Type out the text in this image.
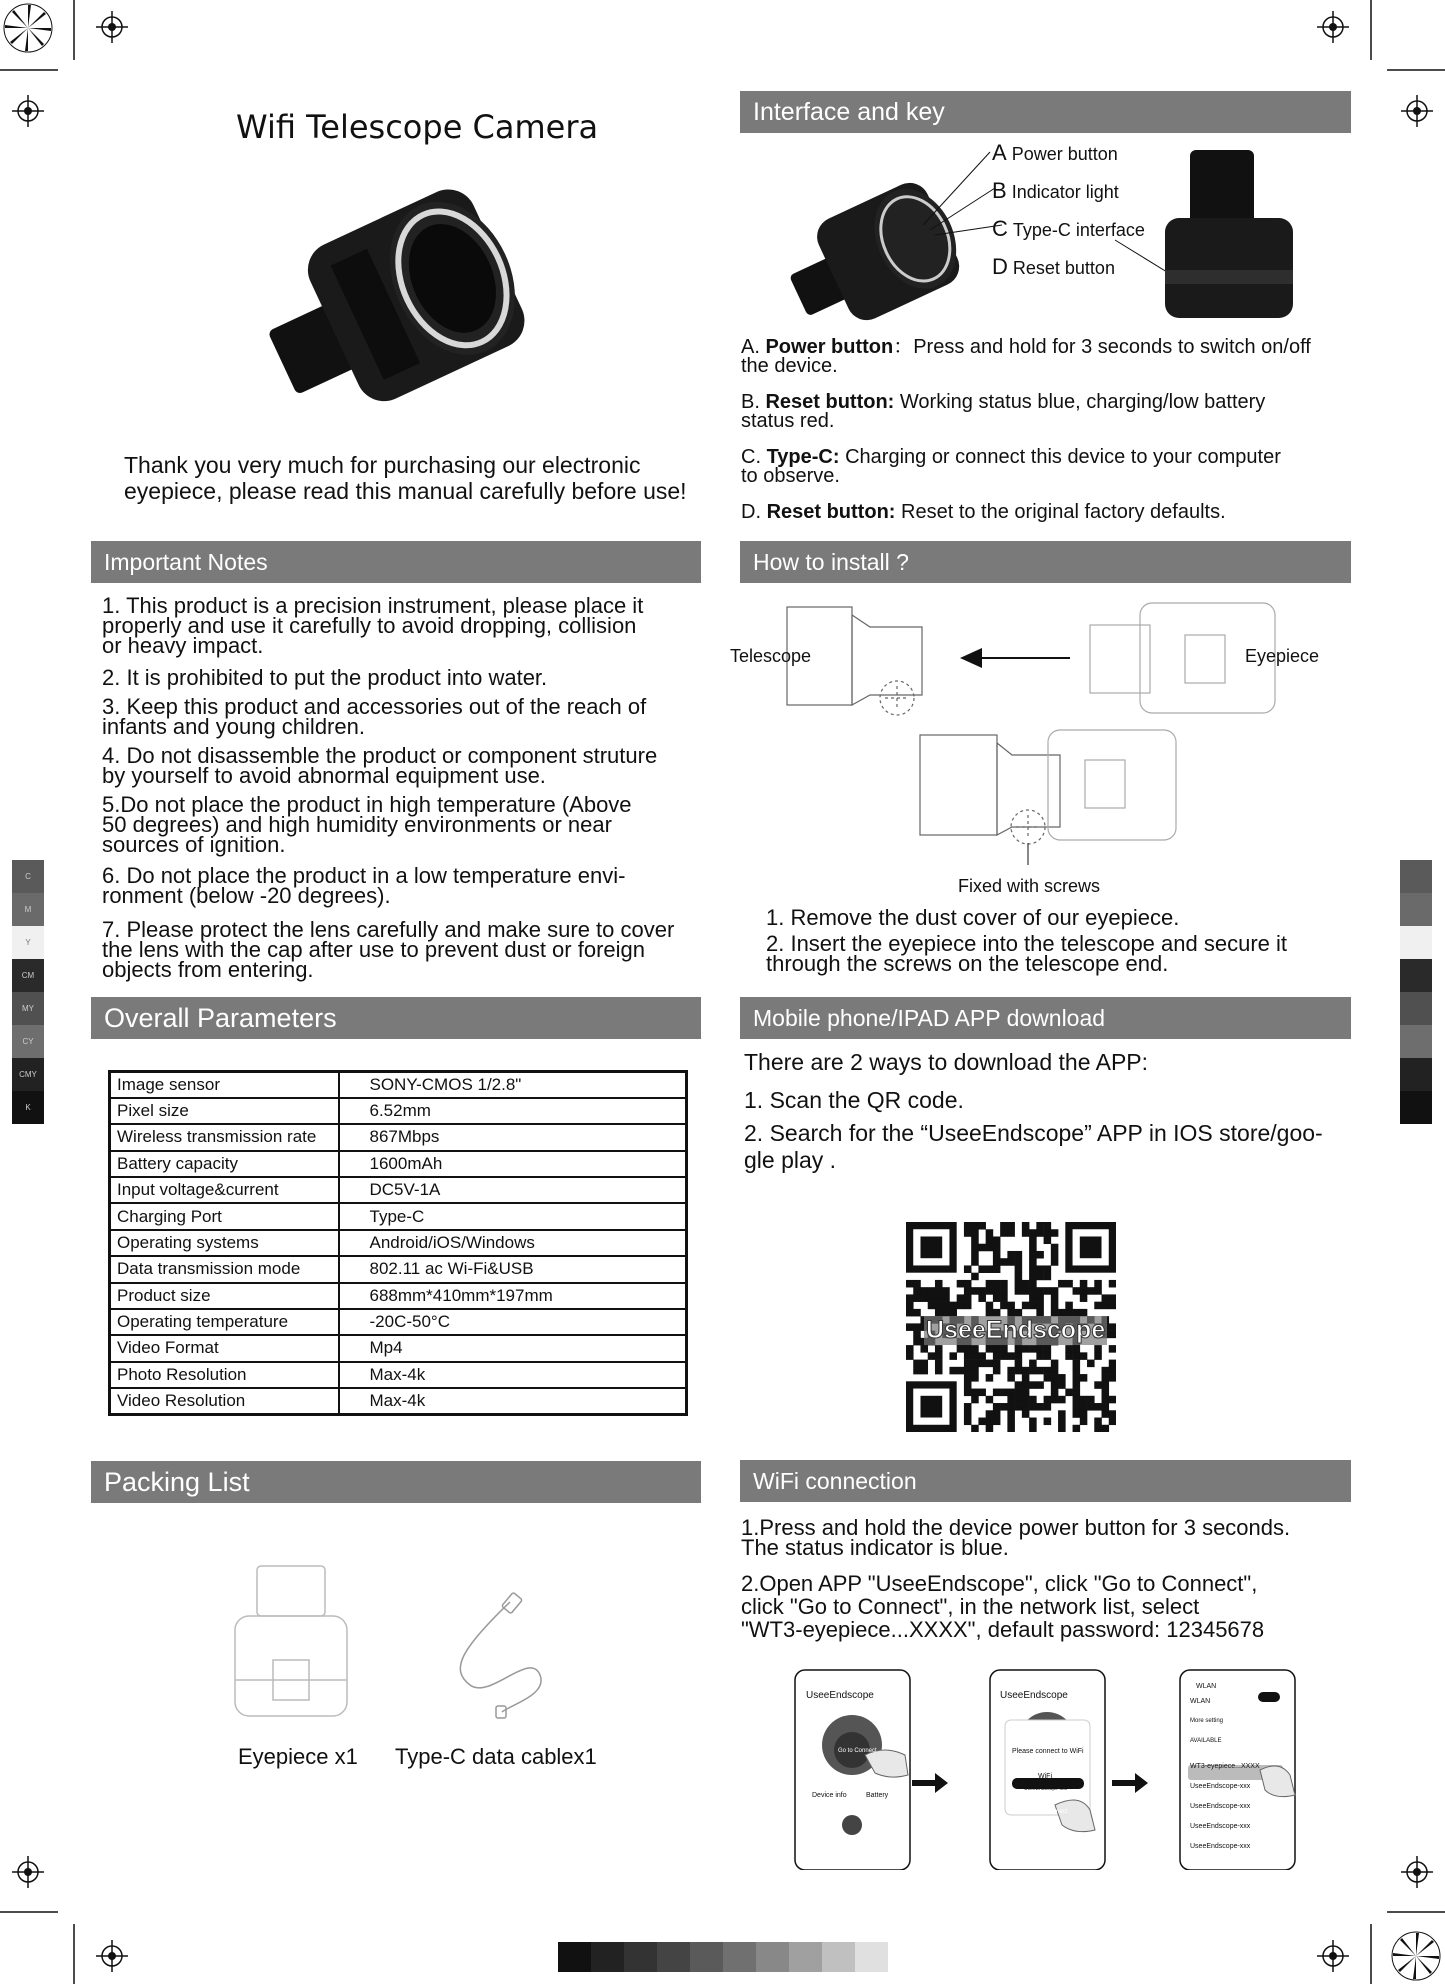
C
M
Y
CM
MY
CY
CMY
K
Wifi Telescope Camera
Thank you very much for purchasing our electronic
eyepiece, please read this manual carefully before use!
Important Notes
1. This product is a precision instrument, please place it
properly and use it carefully to avoid dropping, collision
or heavy impact.
2. It is prohibited to put the product into water.
3. Keep this product and accessories out of the reach of
infants and young children.
4. Do not disassemble the product or component struture
by yourself to avoid abnormal equipment use.
5.Do not place the product in high temperature (Above
50 degrees) and high humidity environments or near
sources of ignition.
6. Do not place the product in a low temperature envi-
ronment (below -20 degrees).
7. Please protect the lens carefully and make sure to cover
the lens with the cap after use to prevent dust or foreign
objects from entering.
Overall Parameters
Image sensor	SONY-CMOS 1/2.8"
Pixel size	6.52mm
Wireless transmission rate	867Mbps
Battery capacity	1600mAh
Input voltage&current	DC5V-1A
Charging Port	Type-C
Operating systems	Android/iOS/Windows
Data transmission mode	802.11 ac Wi-Fi&USB
Product size	688mm*410mm*197mm
Operating temperature	-20C-50°C
Video Format	Mp4
Photo Resolution	Max-4k
Video Resolution	Max-4k
Packing List
Eyepiece x1 Type-C data cablex1
Interface and key
A Power button
B Indicator light
C Type-C interface
D Reset button
A. Power button：Press and hold for 3 seconds to switch on/off
the device.
B. Reset button: Working status blue, charging/low battery
status red.
C. Type-C: Charging or connect this device to your computer
to observe.
D. Reset button: Reset to the original factory defaults.
How to install ?
Telescope	Eyepiece
Fixed with screws
1. Remove the dust cover of our eyepiece.
2. Insert the eyepiece into the telescope and secure it
through the screws on the telescope end.
Mobile phone/IPAD APP download
There are 2 ways to download the APP:
1. Scan the QR code.
2. Search for the “UseeEndscope” APP in IOS store/goo-
gle play .
UseeEndscope
WiFi connection
1.Press and hold the device power button for 3 seconds.
The status indicator is blue.
2.Open APP "UseeEndscope", click "Go to Connect",
click "Go to Connect", in the network list, select
"WT3-eyepiece...XXXX", default password: 12345678
UseeEndscope
Go to Connect
Device info	Battery
UseeEndscope
Please connect to WiFi
WiFi
UseeEndscope-xxx
Go to connect
WLAN
WLAN
More setting
AVAILABLE
WT3-eyepiece...XXXX
UseeEndscope-xxx
UseeEndscope-xxx
UseeEndscope-xxx
UseeEndscope-xxx
